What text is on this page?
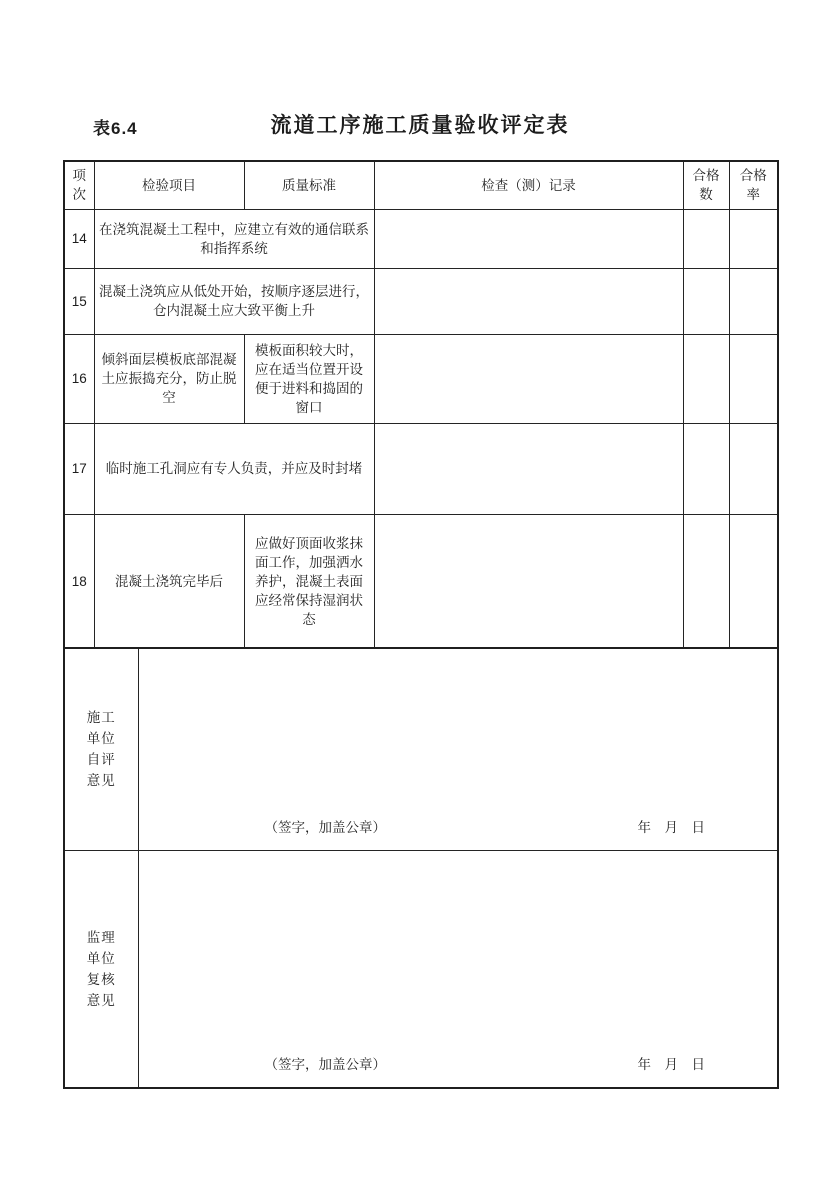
表6.4	流道工序施工质量验收评定表
项次	检验项目	质量标准	检查（测）记录	合格数	合格率
14	在浇筑混凝土工程中，应建立有效的通信联系和指挥系统				
15	混凝土浇筑应从低处开始，按顺序逐层进行，仓内混凝土应大致平衡上升				
16	倾斜面层模板底部混凝土应振捣充分，防止脱空	模板面积较大时，应在适当位置开设便于进料和捣固的窗口			
17	临时施工孔洞应有专人负责，并应及时封堵				
18	混凝土浇筑完毕后	应做好顶面收浆抹面工作，加强洒水养护，混凝土表面应经常保持湿润状态			
施工单位自评意见	（签字，加盖公章） 年　月　日

监理单位复核意见	（签字，加盖公章） 年　月　日
